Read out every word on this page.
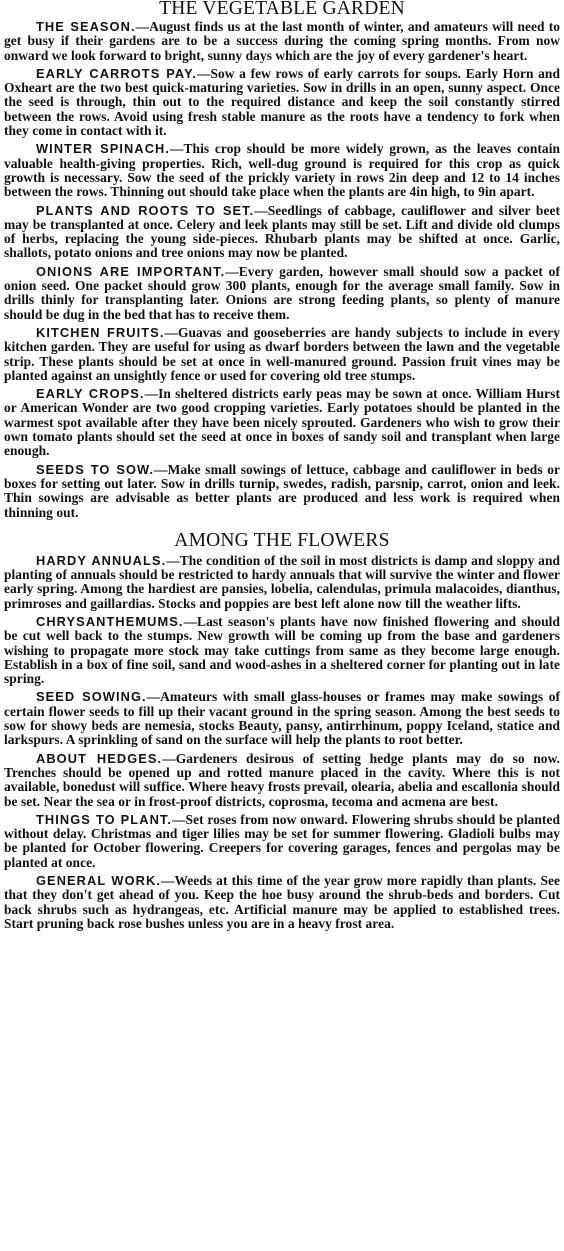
THE VEGETABLE GARDEN

THE SEASON.—August finds us at the last month of winter, and amateurs will need to get busy if their gardens are to be a success during the coming spring months. From now onward we look forward to bright, sunny days which are the joy of every gardener's heart.

EARLY CARROTS PAY.—Sow a few rows of early carrots for soups. Early Horn and Oxheart are the two best quick-maturing varieties. Sow in drills in an open, sunny aspect. Once the seed is through, thin out to the required distance and keep the soil constantly stirred between the rows. Avoid using fresh stable manure as the roots have a tendency to fork when they come in contact with it.

WINTER SPINACH.—This crop should be more widely grown, as the leaves contain valuable health-giving properties. Rich, well-dug ground is required for this crop as quick growth is necessary. Sow the seed of the prickly variety in rows 2in deep and 12 to 14 inches between the rows. Thinning out should take place when the plants are 4in high, to 9in apart.

PLANTS AND ROOTS TO SET.—Seedlings of cabbage, cauliflower and silver beet may be transplanted at once. Celery and leek plants may still be set. Lift and divide old clumps of herbs, replacing the young side-pieces. Rhubarb plants may be shifted at once. Garlic, shallots, potato onions and tree onions may now be planted.

ONIONS ARE IMPORTANT.—Every garden, however small should sow a packet of onion seed. One packet should grow 300 plants, enough for the average small family. Sow in drills thinly for transplanting later. Onions are strong feeding plants, so plenty of manure should be dug in the bed that has to receive them.

KITCHEN FRUITS.—Guavas and gooseberries are handy subjects to include in every kitchen garden. They are useful for using as dwarf borders between the lawn and the vegetable strip. These plants should be set at once in well-manured ground. Passion fruit vines may be planted against an unsightly fence or used for covering old tree stumps.

EARLY CROPS.—In sheltered districts early peas may be sown at once. William Hurst or American Wonder are two good cropping varieties. Early potatoes should be planted in the warmest spot available after they have been nicely sprouted. Gardeners who wish to grow their own tomato plants should set the seed at once in boxes of sandy soil and transplant when large enough.

SEEDS TO SOW.—Make small sowings of lettuce, cabbage and cauliflower in beds or boxes for setting out later. Sow in drills turnip, swedes, radish, parsnip, carrot, onion and leek. Thin sowings are advisable as better plants are produced and less work is required when thinning out.

AMONG THE FLOWERS

HARDY ANNUALS.—The condition of the soil in most districts is damp and sloppy and planting of annuals should be restricted to hardy annuals that will survive the winter and flower early spring. Among the hardiest are pansies, lobelia, calendulas, primula malacoides, dianthus, primroses and gaillardias. Stocks and poppies are best left alone now till the weather lifts.

CHRYSANTHEMUMS.—Last season's plants have now finished flowering and should be cut well back to the stumps. New growth will be coming up from the base and gardeners wishing to propagate more stock may take cuttings from same as they become large enough. Establish in a box of fine soil, sand and wood-ashes in a sheltered corner for planting out in late spring.

SEED SOWING.—Amateurs with small glass-houses or frames may make sowings of certain flower seeds to fill up their vacant ground in the spring season. Among the best seeds to sow for showy beds are nemesia, stocks Beauty, pansy, antirrhinum, poppy Iceland, statice and larkspurs. A sprinkling of sand on the surface will help the plants to root better.

ABOUT HEDGES.—Gardeners desirous of setting hedge plants may do so now. Trenches should be opened up and rotted manure placed in the cavity. Where this is not available, bonedust will suffice. Where heavy frosts prevail, olearia, abelia and escallonia should be set. Near the sea or in frost-proof districts, coprosma, tecoma and acmena are best.

THINGS TO PLANT.—Set roses from now onward. Flowering shrubs should be planted without delay. Christmas and tiger lilies may be set for summer flowering. Gladioli bulbs may be planted for October flowering. Creepers for covering garages, fences and pergolas may be planted at once.

GENERAL WORK.—Weeds at this time of the year grow more rapidly than plants. See that they don't get ahead of you. Keep the hoe busy around the shrub-beds and borders. Cut back shrubs such as hydrangeas, etc. Artificial manure may be applied to established trees. Start pruning back rose bushes unless you are in a heavy frost area.
